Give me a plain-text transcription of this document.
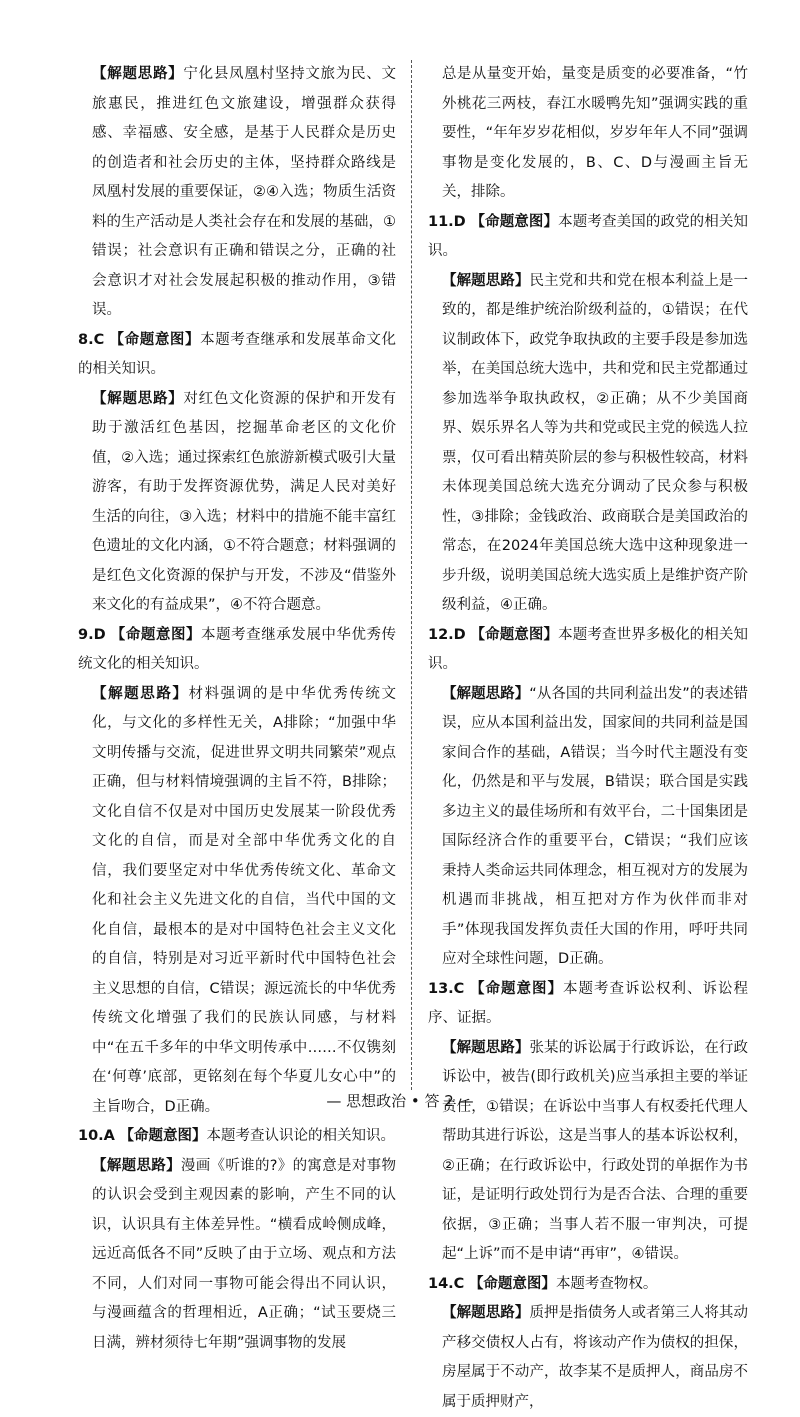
【解题思路】宁化县凤凰村坚持文旅为民、文旅惠民，推进红色文旅建设，增强群众获得感、幸福感、安全感，是基于人民群众是历史的创造者和社会历史的主体，坚持群众路线是凤凰村发展的重要保证，②④入选；物质生活资料的生产活动是人类社会存在和发展的基础，①错误；社会意识有正确和错误之分，正确的社会意识才对社会发展起积极的推动作用，③错误。

8.C 【命题意图】本题考查继承和发展革命文化的相关知识。

【解题思路】对红色文化资源的保护和开发有助于激活红色基因，挖掘革命老区的文化价值，②入选；通过探索红色旅游新模式吸引大量游客，有助于发挥资源优势，满足人民对美好生活的向往，③入选；材料中的措施不能丰富红色遗址的文化内涵，①不符合题意；材料强调的是红色文化资源的保护与开发，不涉及“借鉴外来文化的有益成果”，④不符合题意。

9.D 【命题意图】本题考查继承发展中华优秀传统文化的相关知识。

【解题思路】材料强调的是中华优秀传统文化，与文化的多样性无关，A排除；“加强中华文明传播与交流，促进世界文明共同繁荣”观点正确，但与材料情境强调的主旨不符，B排除；文化自信不仅是对中国历史发展某一阶段优秀文化的自信，而是对全部中华优秀文化的自信，我们要坚定对中华优秀传统文化、革命文化和社会主义先进文化的自信，当代中国的文化自信，最根本的是对中国特色社会主义文化的自信，特别是对习近平新时代中国特色社会主义思想的自信，C错误；源远流长的中华优秀传统文化增强了我们的民族认同感，与材料中“在五千多年的中华文明传承中……不仅镌刻在‘何尊’底部，更铭刻在每个华夏儿女心中”的主旨吻合，D正确。

10.A 【命题意图】本题考查认识论的相关知识。

【解题思路】漫画《听谁的?》的寓意是对事物的认识会受到主观因素的影响，产生不同的认识，认识具有主体差异性。“横看成岭侧成峰，远近高低各不同”反映了由于立场、观点和方法不同，人们对同一事物可能会得出不同认识，与漫画蕴含的哲理相近，A正确；“试玉要烧三日满，辨材须待七年期”强调事物的发展

总是从量变开始，量变是质变的必要准备，“竹外桃花三两枝，春江水暖鸭先知”强调实践的重要性，“年年岁岁花相似，岁岁年年人不同”强调事物是变化发展的，B、C、D与漫画主旨无关，排除。

11.D 【命题意图】本题考查美国的政党的相关知识。

【解题思路】民主党和共和党在根本利益上是一致的，都是维护统治阶级利益的，①错误；在代议制政体下，政党争取执政的主要手段是参加选举，在美国总统大选中，共和党和民主党都通过参加选举争取执政权，②正确；从不少美国商界、娱乐界名人等为共和党或民主党的候选人拉票，仅可看出精英阶层的参与积极性较高，材料未体现美国总统大选充分调动了民众参与积极性，③排除；金钱政治、政商联合是美国政治的常态，在2024年美国总统大选中这种现象进一步升级，说明美国总统大选实质上是维护资产阶级利益，④正确。

12.D 【命题意图】本题考查世界多极化的相关知识。

【解题思路】“从各国的共同利益出发”的表述错误，应从本国利益出发，国家间的共同利益是国家间合作的基础，A错误；当今时代主题没有变化，仍然是和平与发展，B错误；联合国是实践多边主义的最佳场所和有效平台，二十国集团是国际经济合作的重要平台，C错误；“我们应该秉持人类命运共同体理念，相互视对方的发展为机遇而非挑战，相互把对方作为伙伴而非对手”体现我国发挥负责任大国的作用，呼吁共同应对全球性问题，D正确。

13.C 【命题意图】本题考查诉讼权利、诉讼程序、证据。

【解题思路】张某的诉讼属于行政诉讼，在行政诉讼中，被告(即行政机关)应当承担主要的举证责任，①错误；在诉讼中当事人有权委托代理人帮助其进行诉讼，这是当事人的基本诉讼权利，②正确；在行政诉讼中，行政处罚的单据作为书证，是证明行政处罚行为是否合法、合理的重要依据，③正确；当事人若不服一审判决，可提起“上诉”而不是申请“再审”，④错误。

14.C 【命题意图】本题考查物权。

【解题思路】质押是指债务人或者第三人将其动产移交债权人占有，将该动产作为债权的担保，房屋属于不动产，故李某不是质押人，商品房不属于质押财产，

— 思想政治 • 答 2 —
